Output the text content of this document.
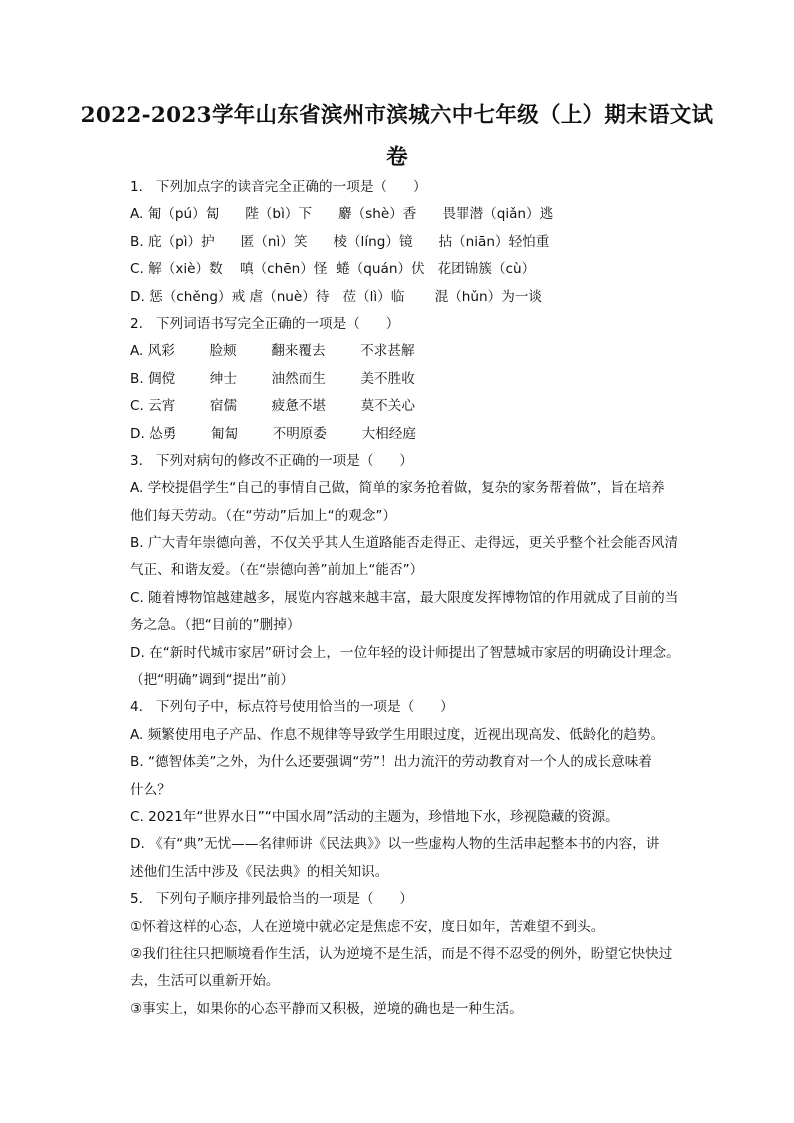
2022-2023学年山东省滨州市滨城六中七年级（上）期末语文试
卷
1.   下列加点字的读音完全正确的一项是（      ）
A. 匍（pú）匐      陛（bì）下      麝（shè）香      畏罪潜（qiǎn）逃
B. 庇（pì）护      匿（nì）笑      棱（líng）镜      拈（niān）轻怕重
C. 解（xiè）数    嗔（chēn）怪  蜷（quán）伏   花团锦簇（cù）
D. 惩（chěng）戒 虐（nuè）待   莅（lì）临       混（hǔn）为一谈
2.   下列词语书写完全正确的一项是（      ）
A. 风彩        脸颊        翻来覆去        不求甚解
B. 倜傥        绅士        油然而生        美不胜收
C. 云宵        宿儒        疲惫不堪        莫不关心
D. 怂勇        匍匐        不明原委        大相经庭
3.   下列对病句的修改不正确的一项是（      ）
A. 学校提倡学生“自己的事情自己做，简单的家务抢着做，复杂的家务帮着做”，旨在培养
他们每天劳动。（在“劳动”后加上“的观念”）
B. 广大青年崇德向善，不仅关乎其人生道路能否走得正、走得远，更关乎整个社会能否风清
气正、和谐友爱。（在“崇德向善”前加上“能否”）
C. 随着博物馆越建越多，展览内容越来越丰富，最大限度发挥博物馆的作用就成了目前的当
务之急。（把“目前的”删掉）
D. 在“新时代城市家居”研讨会上，一位年轻的设计师提出了智慧城市家居的明确设计理念。
（把“明确”调到“提出”前）
4.   下列句子中，标点符号使用恰当的一项是（      ）
A. 频繁使用电子产品、作息不规律等导致学生用眼过度，近视出现高发、低龄化的趋势。
B. “德智体美”之外，为什么还要强调“劳”！出力流汗的劳动教育对一个人的成长意味着
什么？
C. 2021年“世界水日”“中国水周”活动的主题为，珍惜地下水，珍视隐藏的资源。
D. 《有“典”无忧——名律师讲《民法典》》以一些虚构人物的生活串起整本书的内容，讲
述他们生活中涉及《民法典》的相关知识。
5.   下列句子顺序排列最恰当的一项是（      ）
①怀着这样的心态，人在逆境中就必定是焦虑不安，度日如年，苦难望不到头。
②我们往往只把顺境看作生活，认为逆境不是生活，而是不得不忍受的例外，盼望它快快过
去，生活可以重新开始。
③事实上，如果你的心态平静而又积极，逆境的确也是一种生活。
